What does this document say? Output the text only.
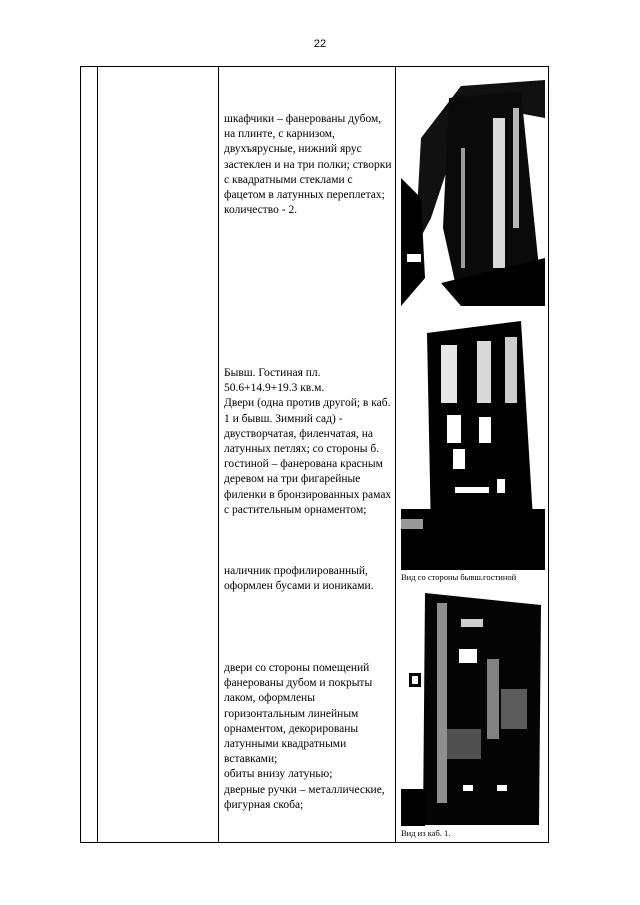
22

шкафчики – фанерованы дубом, на плинте, с карнизом, двухъярусные, нижний ярус застеклен и на три полки; створки с квадратными стеклами с фацетом в латунных переплетах; количество - 2.

Бывш. Гостиная пл. 50.6+14.9+19.3 кв.м.
Двери (одна против другой; в каб. 1 и бывш. Зимний сад) - двустворчатая, филенчатая, на латунных петлях; со стороны б. гостиной – фанерована красным деревом на три фигарейные филенки в бронзированных рамах с растительным орнаментом;

наличник профилированный, оформлен бусами и иониками.

двери со стороны помещений фанерованы дубом и покрыты лаком, оформлены горизонтальным линейным орнаментом, декорированы латунными квадратными вставками;
обиты внизу латунью;
дверные ручки – металлические, фигурная скоба;

Вид со стороны бывш.гостиной
Вид из каб. 1.
